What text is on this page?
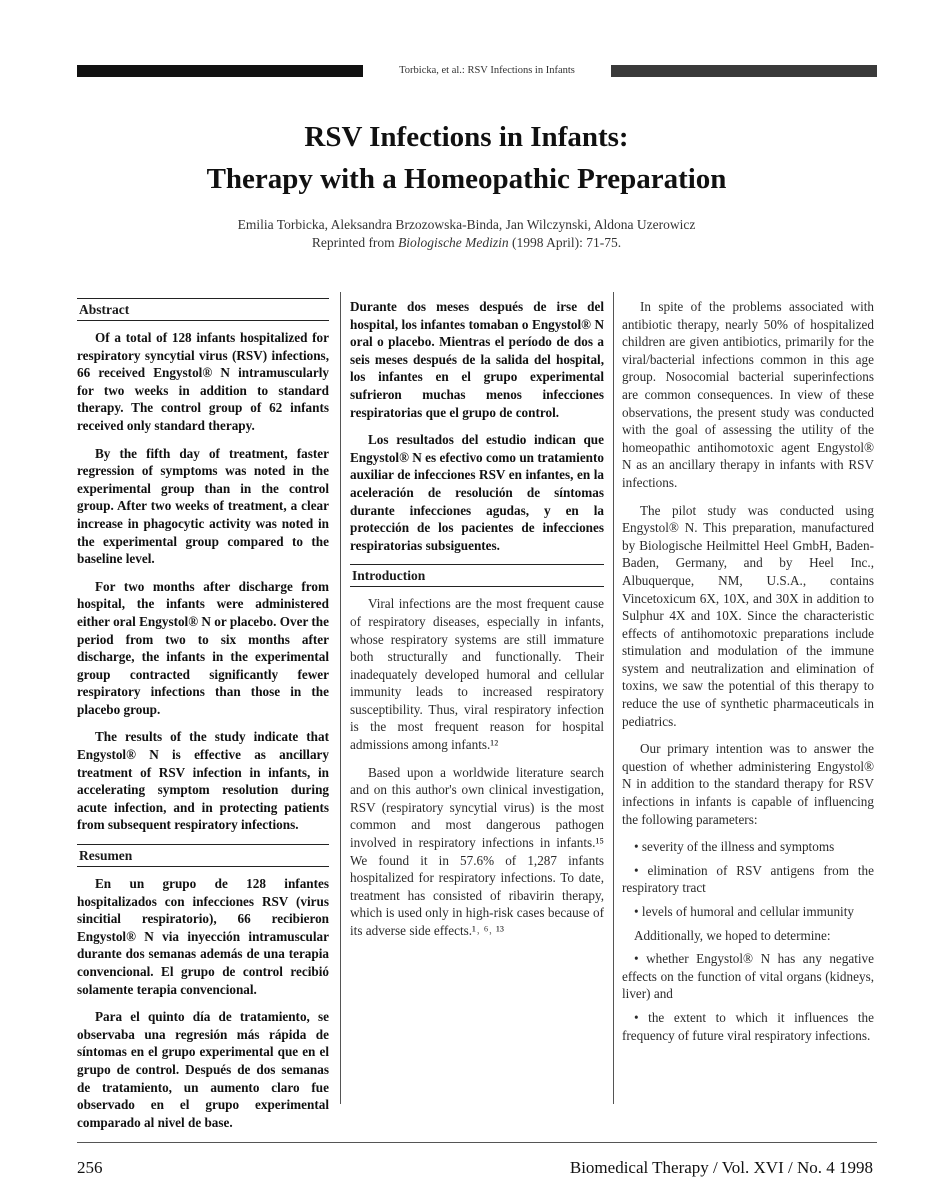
Torbicka, et al.: RSV Infections in Infants
RSV Infections in Infants:
Therapy with a Homeopathic Preparation
Emilia Torbicka, Aleksandra Brzozowska-Binda, Jan Wilczynski, Aldona Uzerowicz
Reprinted from Biologische Medizin (1998 April): 71-75.
Abstract

Of a total of 128 infants hospitalized for respiratory syncytial virus (RSV) infections, 66 received Engystol® N intramuscularly for two weeks in addition to standard therapy. The control group of 62 infants received only standard therapy.

By the fifth day of treatment, faster regression of symptoms was noted in the experimental group than in the control group. After two weeks of treatment, a clear increase in phagocytic activity was noted in the experimental group compared to the baseline level.

For two months after discharge from hospital, the infants were administered either oral Engystol® N or placebo. Over the period from two to six months after discharge, the infants in the experimental group contracted significantly fewer respiratory infections than those in the placebo group.

The results of the study indicate that Engystol® N is effective as ancillary treatment of RSV infection in infants, in accelerating symptom resolution during acute infection, and in protecting patients from subsequent respiratory infections.

Resumen

En un grupo de 128 infantes hospitalizados con infecciones RSV (virus sincitial respiratorio), 66 recibieron Engystol® N via inyección intramuscular durante dos semanas además de una terapia convencional. El grupo de control recibió solamente terapia convencional.

Para el quinto día de tratamiento, se observaba una regresión más rápida de síntomas en el grupo experimental que en el grupo de control. Después de dos semanas de tratamiento, un aumento claro fue observado en el grupo experimental comparado al nivel de base.

Durante dos meses después de irse del hospital, los infantes tomaban o Engystol® N oral o placebo. Mientras el período de dos a seis meses después de la salida del hospital, los infantes en el grupo experimental sufrieron muchas menos infecciones respiratorias que el grupo de control.

Los resultados del estudio indican que Engystol® N es efectivo como un tratamiento auxiliar de infecciones RSV en infantes, en la aceleración de resolución de síntomas durante infecciones agudas, y en la protección de los pacientes de infecciones respiratorias subsiguentes.

Introduction

Viral infections are the most frequent cause of respiratory diseases, especially in infants, whose respiratory systems are still immature both structurally and functionally. Their inadequately developed humoral and cellular immunity leads to increased respiratory susceptibility. Thus, viral respiratory infection is the most frequent reason for hospital admissions among infants.¹²

Based upon a worldwide literature search and on this author's own clinical investigation, RSV (respiratory syncytial virus) is the most common and most dangerous pathogen involved in respiratory infections in infants.¹⁵ We found it in 57.6% of 1,287 infants hospitalized for respiratory infections. To date, treatment has consisted of ribavirin therapy, which is used only in high-risk cases because of its adverse side effects.¹˒ ⁶˒ ¹³

In spite of the problems associated with antibiotic therapy, nearly 50% of hospitalized children are given antibiotics, primarily for the viral/bacterial infections common in this age group. Nosocomial bacterial superinfections are common consequences. In view of these observations, the present study was conducted with the goal of assessing the utility of the homeopathic antihomotoxic agent Engystol® N as an ancillary therapy in infants with RSV infections.

The pilot study was conducted using Engystol® N. This preparation, manufactured by Biologische Heilmittel Heel GmbH, Baden-Baden, Germany, and by Heel Inc., Albuquerque, NM, U.S.A., contains Vincetoxicum 6X, 10X, and 30X in addition to Sulphur 4X and 10X. Since the characteristic effects of antihomotoxic preparations include stimulation and modulation of the immune system and neutralization and elimination of toxins, we saw the potential of this therapy to reduce the use of synthetic pharmaceuticals in pediatrics.

Our primary intention was to answer the question of whether administering Engystol® N in addition to the standard therapy for RSV infections in infants is capable of influencing the following parameters:

• severity of the illness and symptoms
• elimination of RSV antigens from the respiratory tract
• levels of humoral and cellular immunity
Additionally, we hoped to determine:
• whether Engystol® N has any negative effects on the function of vital organs (kidneys, liver) and
• the extent to which it influences the frequency of future viral respiratory infections.
256	Biomedical Therapy / Vol. XVI / No. 4 1998
